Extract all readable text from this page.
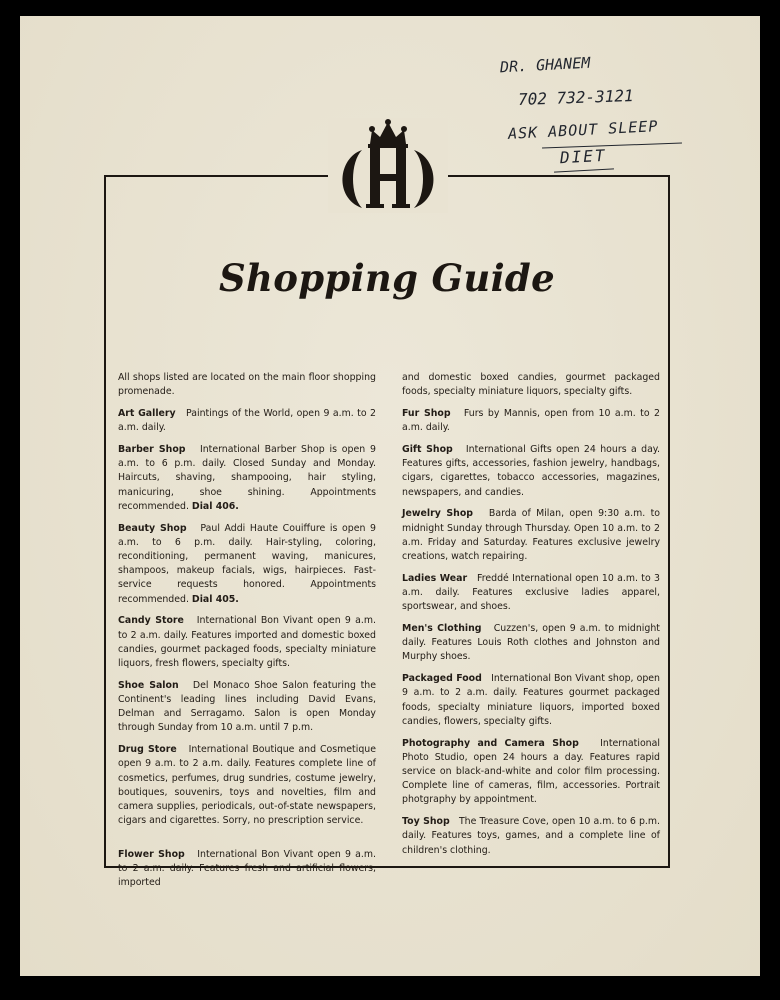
DR. GHANEM
702 732-3121
ASK ABOUT SLEEP
DIET
Shopping Guide

All shops listed are located on the main floor shopping promenade.

Art Gallery Paintings of the World, open 9 a.m. to 2 a.m. daily.

Barber Shop International Barber Shop is open 9 a.m. to 6 p.m. daily. Closed Sunday and Monday. Haircuts, shaving, shampooing, hair styling, manicuring, shoe shining. Appointments recommended. Dial 406.

Beauty Shop Paul Addi Haute Couiffure is open 9 a.m. to 6 p.m. daily. Hair-styling, coloring, reconditioning, permanent waving, manicures, shampoos, makeup facials, wigs, hairpieces. Fast-service requests honored. Appointments recommended. Dial 405.

Candy Store International Bon Vivant open 9 a.m. to 2 a.m. daily. Features imported and domestic boxed candies, gourmet packaged foods, specialty miniature liquors, fresh flowers, specialty gifts.

Shoe Salon Del Monaco Shoe Salon featuring the Continent's leading lines including David Evans, Delman and Serragamo. Salon is open Monday through Sunday from 10 a.m. until 7 p.m.

Drug Store International Boutique and Cosmetique open 9 a.m. to 2 a.m. daily. Features complete line of cosmetics, perfumes, drug sundries, costume jewelry, boutiques, souvenirs, toys and novelties, film and camera supplies, periodicals, out-of-state newspapers, cigars and cigarettes. Sorry, no prescription service.

Flower Shop International Bon Vivant open 9 a.m. to 2 a.m. daily. Features fresh and artificial flowers, imported

and domestic boxed candies, gourmet packaged foods, specialty miniature liquors, specialty gifts.

Fur Shop Furs by Mannis, open from 10 a.m. to 2 a.m. daily.

Gift Shop International Gifts open 24 hours a day. Features gifts, accessories, fashion jewelry, handbags, cigars, cigarettes, tobacco accessories, magazines, newspapers, and candies.

Jewelry Shop Barda of Milan, open 9:30 a.m. to midnight Sunday through Thursday. Open 10 a.m. to 2 a.m. Friday and Saturday. Features exclusive jewelry creations, watch repairing.

Ladies Wear Freddé International open 10 a.m. to 3 a.m. daily. Features exclusive ladies apparel, sportswear, and shoes.

Men's Clothing Cuzzen's, open 9 a.m. to midnight daily. Features Louis Roth clothes and Johnston and Murphy shoes.

Packaged Food International Bon Vivant shop, open 9 a.m. to 2 a.m. daily. Features gourmet packaged foods, specialty miniature liquors, imported boxed candies, flowers, specialty gifts.

Photography and Camera Shop International Photo Studio, open 24 hours a day. Features rapid service on black-and-white and color film processing. Complete line of cameras, film, accessories. Portrait photgraphy by appointment.

Toy Shop The Treasure Cove, open 10 a.m. to 6 p.m. daily. Features toys, games, and a complete line of children's clothing.
